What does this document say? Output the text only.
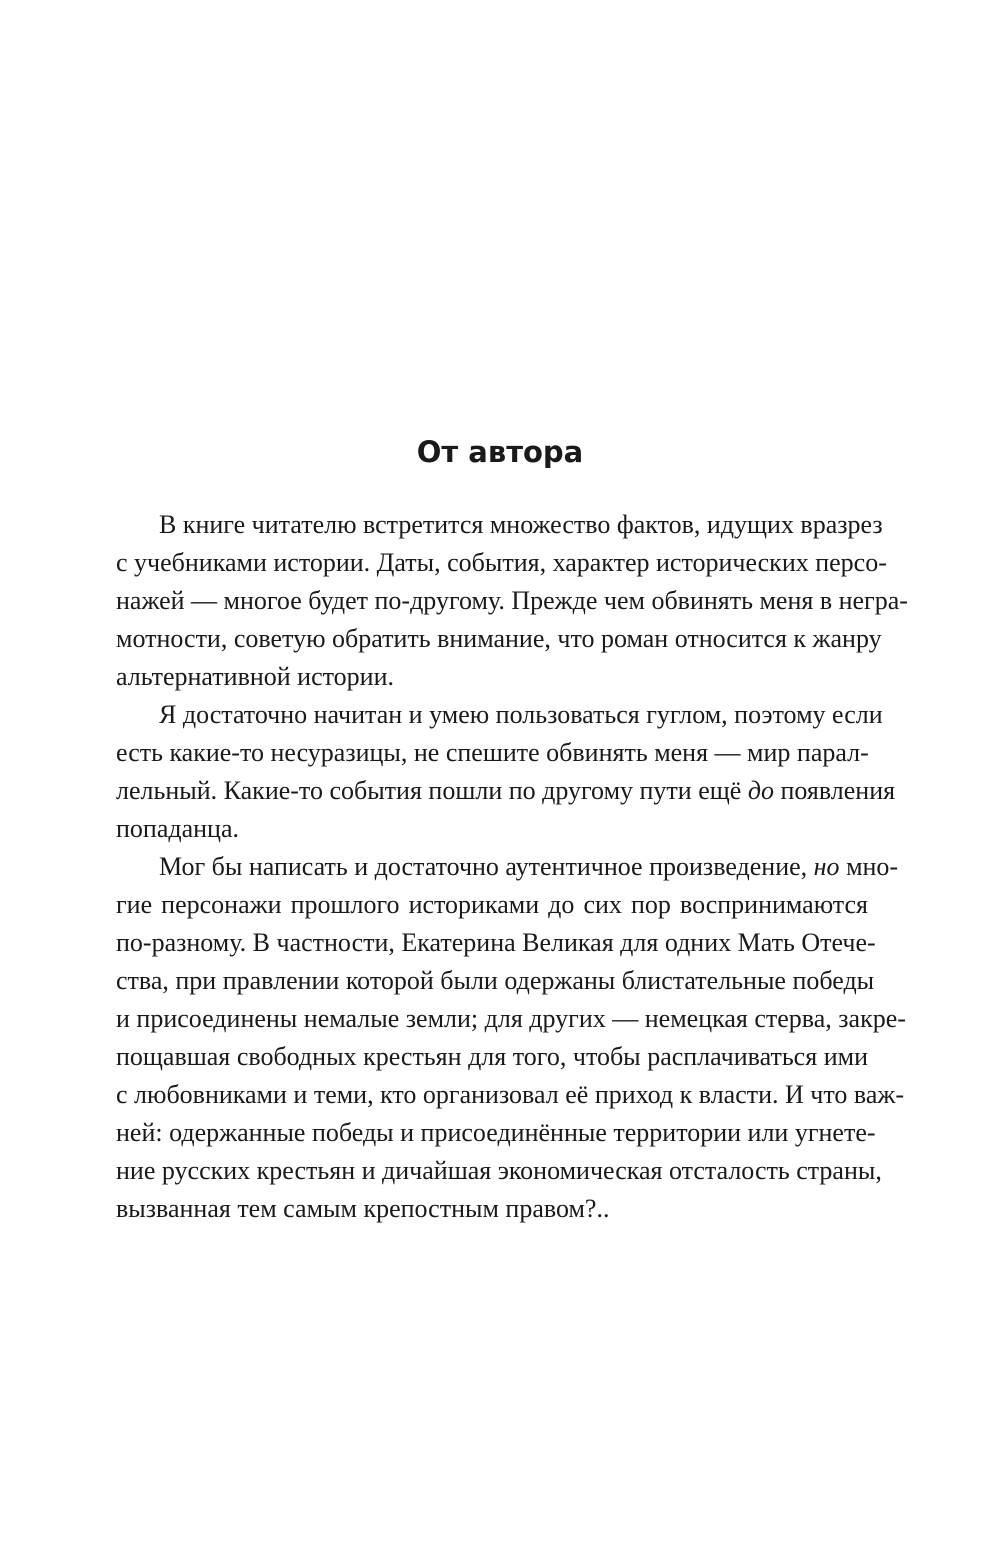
От автора
В книге читателю встретится множество фактов, идущих вразрез
с учебниками истории. Даты, события, характер исторических персо-
нажей — многое будет по-другому. Прежде чем обвинять меня в негра-
мотности, советую обратить внимание, что роман относится к жанру
альтернативной истории.
Я достаточно начитан и умею пользоваться гуглом, поэтому если
есть какие-то несуразицы, не спешите обвинять меня — мир парал-
лельный. Какие-то события пошли по другому пути ещё до появления
попаданца.
Мог бы написать и достаточно аутентичное произведение, но мно-
гие персонажи прошлого историками до сих пор воспринимаются
по-разному. В частности, Екатерина Великая для одних Мать Отече-
ства, при правлении которой были одержаны блистательные победы
и присоединены немалые земли; для других — немецкая стерва, закре-
пощавшая свободных крестьян для того, чтобы расплачиваться ими
с любовниками и теми, кто организовал её приход к власти. И что важ-
ней: одержанные победы и присоединённые территории или угнете-
ние русских крестьян и дичайшая экономическая отсталость страны,
вызванная тем самым крепостным правом?..
